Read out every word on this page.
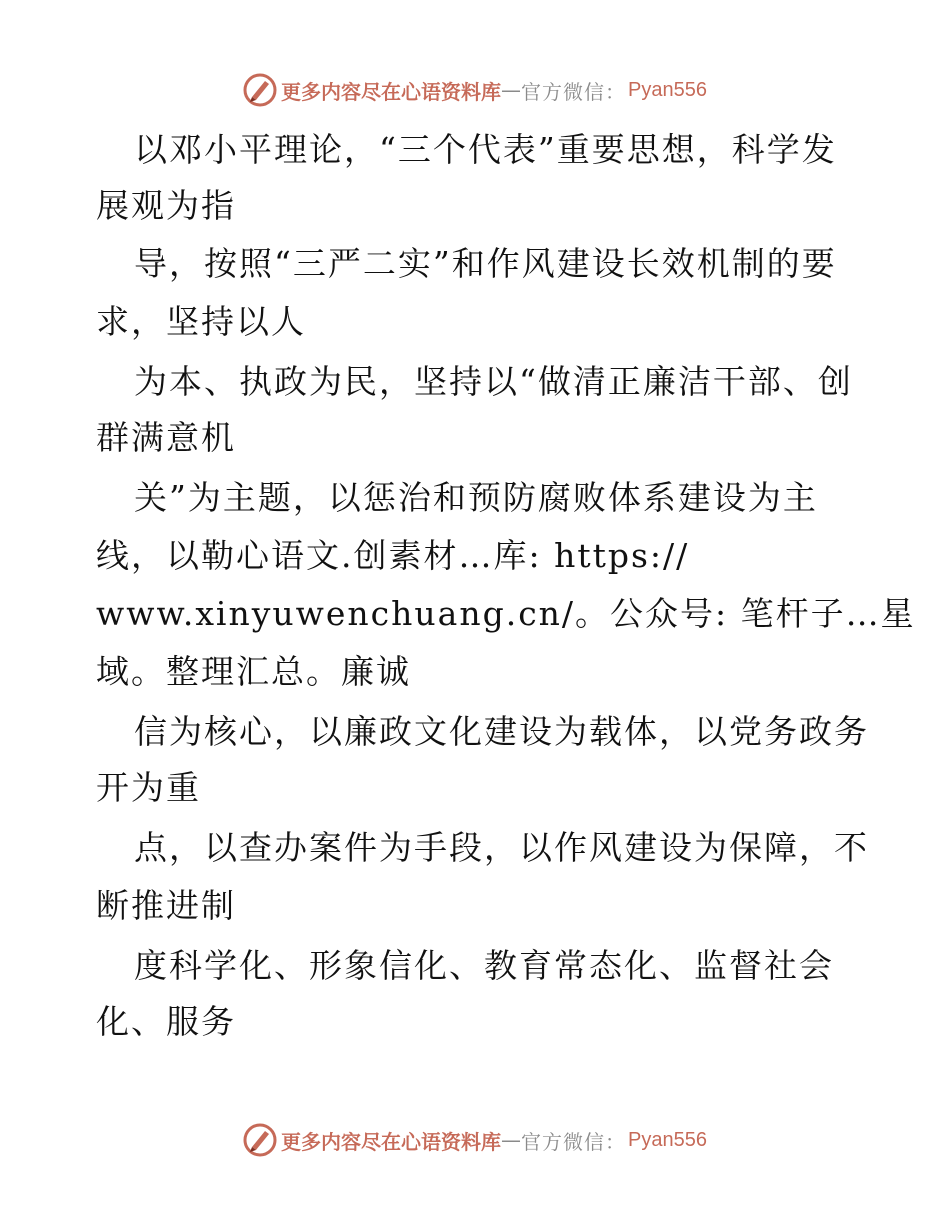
更多内容尽在心语资料库 — 官方微信： Pyan556
以邓小平理论，“三个代表”重要思想，科学发
展观为指
导，按照“三严二实”和作风建设长效机制的要
求，坚持以人
为本、执政为民，坚持以“做清正廉洁干部、创
群满意机
关”为主题，以惩治和预防腐败体系建设为主
线，以勒心语文.创素材…库: https://
www.xinyuwenchuang.cn/。公众号: 笔杆子…星
域。整理汇总。廉诚
信为核心，以廉政文化建设为载体，以党务政务
开为重
点，以查办案件为手段，以作风建设为保障，不
断推进制
度科学化、形象信化、教育常态化、监督社会
化、服务
更多内容尽在心语资料库 — 官方微信： Pyan556
